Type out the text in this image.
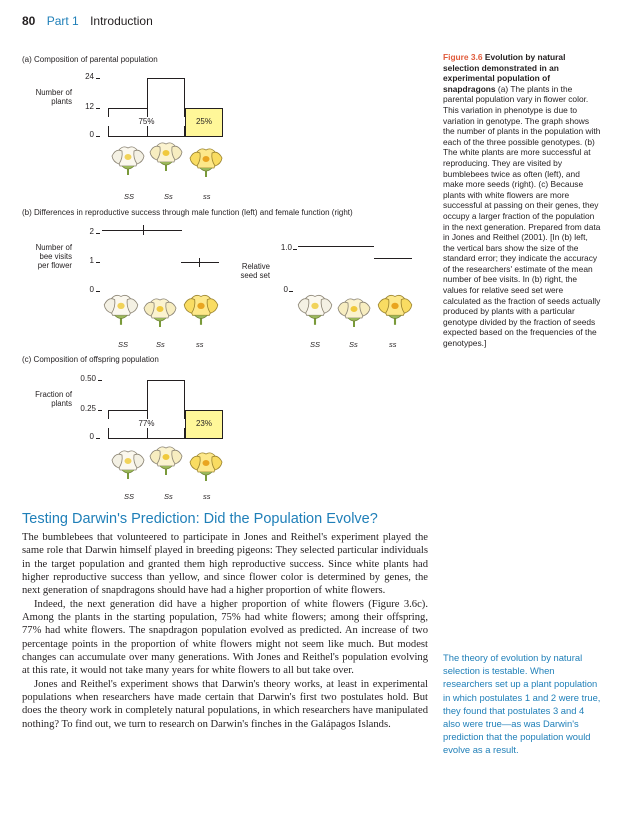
80 Part 1 Introduction
(a) Composition of parental population
Number of
plants
24
12
0
75%	25%
SS	Ss	ss
(b) Differences in reproductive success through male function (left) and female function (right)
Number of
bee visits
per flower
2
1
0
SS	Ss	ss
Relative
seed set
1.0
0
SS	Ss	ss
(c) Composition of offspring population
Fraction of
plants
0.50
0.25
0
77%	23%
SS	Ss	ss
Figure 3.6 Evolution by natural selection demonstrated in an experimental population of snapdragons (a) The plants in the parental population vary in flower color. This variation in phenotype is due to variation in genotype. The graph shows the number of plants in the population with each of the three possible genotypes. (b) The white plants are more successful at reproducing. They are visited by bumblebees twice as often (left), and make more seeds (right). (c) Because plants with white flowers are more successful at passing on their genes, they occupy a larger fraction of the population in the next generation. Prepared from data in Jones and Reithel (2001). [In (b) left, the vertical bars show the size of the standard error; they indicate the accuracy of the researchers' estimate of the mean number of bee visits. In (b) right, the values for relative seed set were calculated as the fraction of seeds actually produced by plants with a particular genotype divided by the fraction of seeds expected based on the frequencies of the genotypes.]
Testing Darwin's Prediction: Did the Population Evolve?

The bumblebees that volunteered to participate in Jones and Reithel's experiment played the same role that Darwin himself played in breeding pigeons: They selected particular individuals in the target population and granted them high reproductive success. Since white plants had higher reproductive success than yellow, and since flower color is determined by genes, the next generation of snapdragons should have had a higher proportion of white flowers.

Indeed, the next generation did have a higher proportion of white flowers (Figure 3.6c). Among the plants in the starting population, 75% had white flowers; among their offspring, 77% had white flowers. The snapdragon population evolved as predicted. An increase of two percentage points in the proportion of white flowers might not seem like much. But modest changes can accumulate over many generations. With Jones and Reithel's population evolving at this rate, it would not take many years for white flowers to all but take over.

Jones and Reithel's experiment shows that Darwin's theory works, at least in experimental populations when researchers have made certain that Darwin's first two postulates hold. But does the theory work in completely natural populations, in which researchers have manipulated nothing? To find out, we turn to research on Darwin's finches in the Galápagos Islands.

The theory of evolution by natural selection is testable. When researchers set up a plant population in which postulates 1 and 2 were true, they found that postulates 3 and 4 also were true—as was Darwin's prediction that the population would evolve as a result.
